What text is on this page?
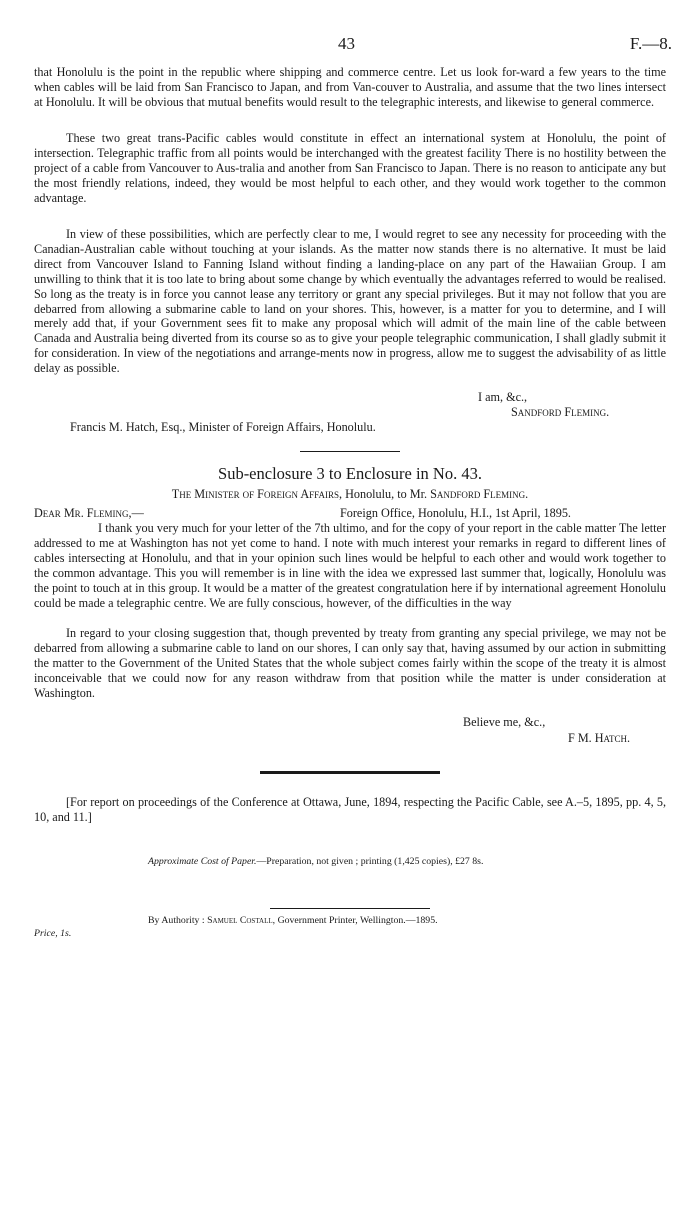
43	F.—8.

that Honolulu is the point in the republic where shipping and commerce centre. Let us look for-ward a few years to the time when cables will be laid from San Francisco to Japan, and from Van-couver to Australia, and assume that the two lines intersect at Honolulu. It will be obvious that mutual benefits would result to the telegraphic interests, and likewise to general commerce.

These two great trans-Pacific cables would constitute in effect an international system at Honolulu, the point of intersection. Telegraphic traffic from all points would be interchanged with the greatest facility There is no hostility between the project of a cable from Vancouver to Aus-tralia and another from San Francisco to Japan. There is no reason to anticipate any but the most friendly relations, indeed, they would be most helpful to each other, and they would work together to the common advantage.

In view of these possibilities, which are perfectly clear to me, I would regret to see any necessity for proceeding with the Canadian-Australian cable without touching at your islands. As the matter now stands there is no alternative. It must be laid direct from Vancouver Island to Fanning Island without finding a landing-place on any part of the Hawaiian Group. I am unwilling to think that it is too late to bring about some change by which eventually the advantages referred to would be realised. So long as the treaty is in force you cannot lease any territory or grant any special privileges. But it may not follow that you are debarred from allowing a submarine cable to land on your shores. This, however, is a matter for you to determine, and I will merely add that, if your Government sees fit to make any proposal which will admit of the main line of the cable between Canada and Australia being diverted from its course so as to give your people telegraphic communication, I shall gladly submit it for consideration. In view of the negotiations and arrange-ments now in progress, allow me to suggest the advisability of as little delay as possible.

I am, &c.,
Sandford Fleming.
Francis M. Hatch, Esq., Minister of Foreign Affairs, Honolulu.
Sub-enclosure 3 to Enclosure in No. 43.
The Minister of Foreign Affairs, Honolulu, to Mr. Sandford Fleming.
Dear Mr. Fleming,—	Foreign Office, Honolulu, H.I., 1st April, 1895.

I thank you very much for your letter of the 7th ultimo, and for the copy of your report in the cable matter The letter addressed to me at Washington has not yet come to hand. I note with much interest your remarks in regard to different lines of cables intersecting at Honolulu, and that in your opinion such lines would be helpful to each other and would work together to the common advantage. This you will remember is in line with the idea we expressed last summer that, logically, Honolulu was the point to touch at in this group. It would be a matter of the greatest congratulation here if by international agreement Honolulu could be made a telegraphic centre. We are fully conscious, however, of the difficulties in the way

In regard to your closing suggestion that, though prevented by treaty from granting any special privilege, we may not be debarred from allowing a submarine cable to land on our shores, I can only say that, having assumed by our action in submitting the matter to the Government of the United States that the whole subject comes fairly within the scope of the treaty it is almost inconceivable that we could now for any reason withdraw from that position while the matter is under consideration at Washington.

Believe me, &c.,
F M. Hatch.

[For report on proceedings of the Conference at Ottawa, June, 1894, respecting the Pacific Cable, see A.–5, 1895, pp. 4, 5, 10, and 11.]

Approximate Cost of Paper.—Preparation, not given ; printing (1,425 copies), £27 8s.
By Authority : Samuel Costall, Government Printer, Wellington.—1895.
Price, 1s.
